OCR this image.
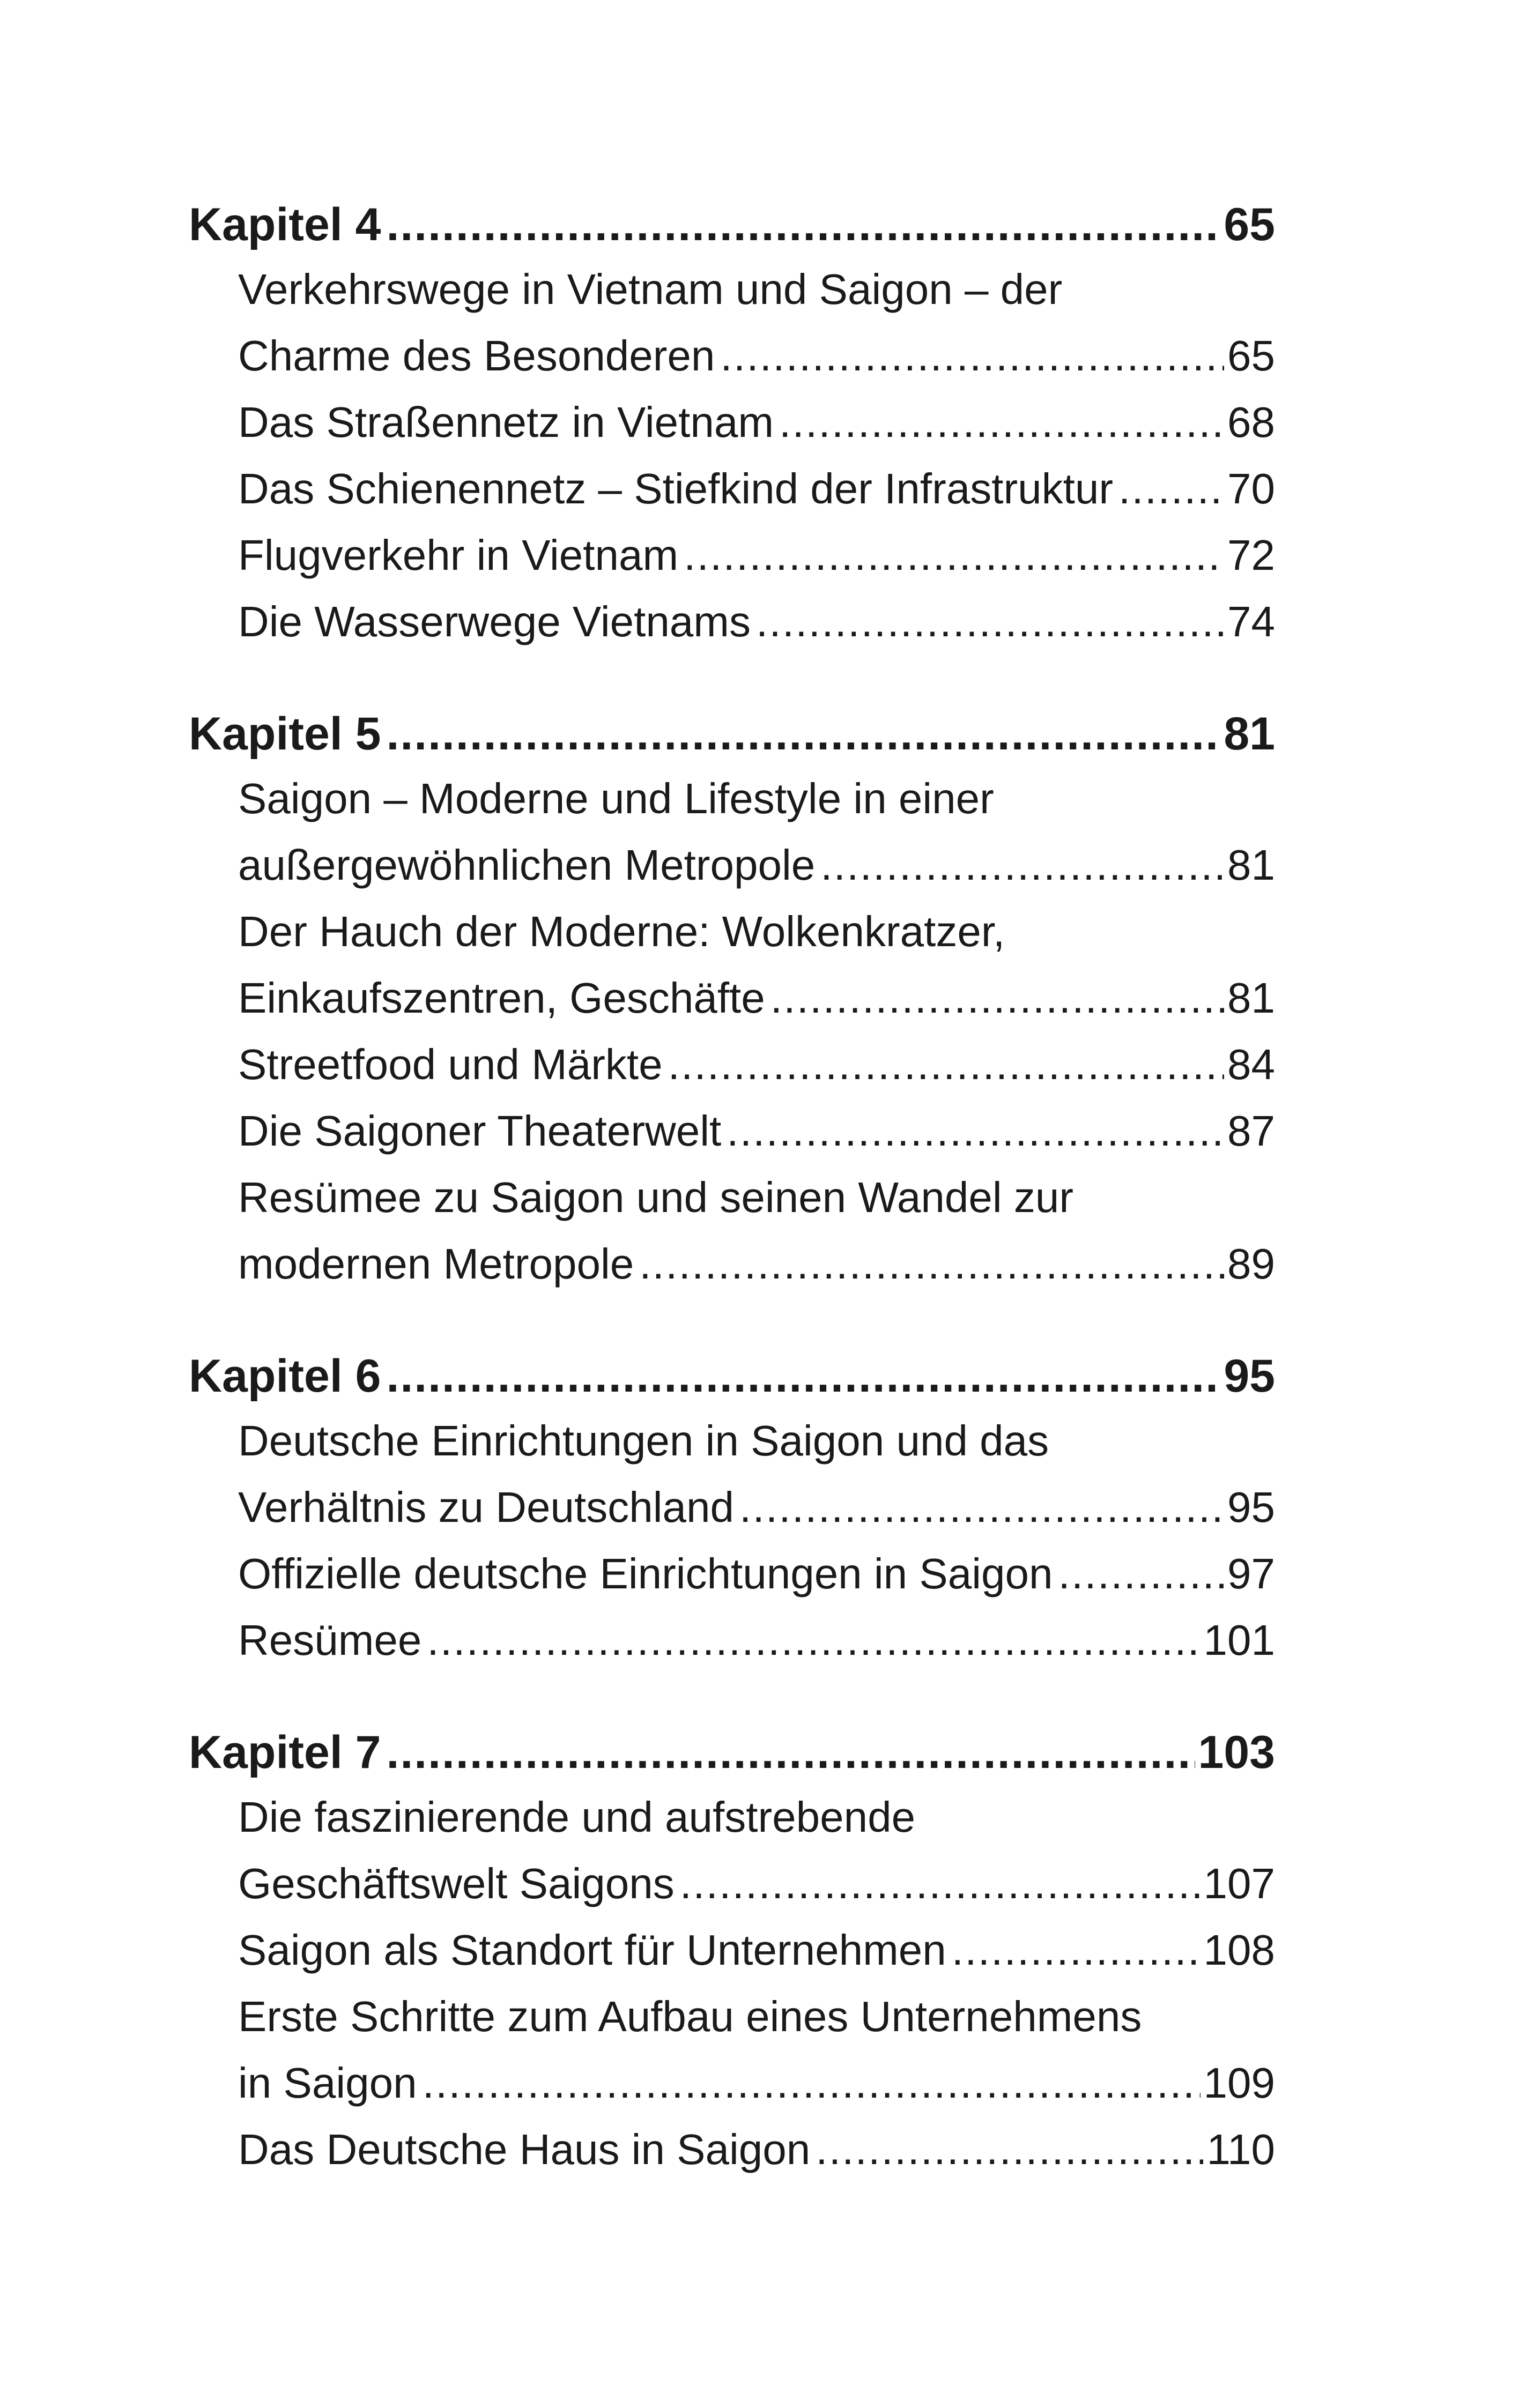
Kapitel 4 .....	65
Verkehrswege in Vietnam und Saigon – der
Charme des Besonderen . . .	65
Das Straßennetz in Vietnam . . .	68
Das Schienennetz – Stiefkind der Infrastruktur . . .	70
Flugverkehr in Vietnam . . .	72
Die Wasserwege Vietnams . . .	74
Kapitel 5 .....	81
Saigon – Moderne und Lifestyle in einer
außergewöhnlichen Metropole . . .	81
Der Hauch der Moderne: Wolkenkratzer,
Einkaufszentren, Geschäfte . . .	81
Streetfood und Märkte . . .	84
Die Saigoner Theaterwelt . . .	87
Resümee zu Saigon und seinen Wandel zur
modernen Metropole . . .	89
Kapitel 6 .....	95
Deutsche Einrichtungen in Saigon und das
Verhältnis zu Deutschland . . .	95
Offizielle deutsche Einrichtungen in Saigon . . .	97
Resümee . . .	101
Kapitel 7 .....	103
Die faszinierende und aufstrebende
Geschäftswelt Saigons . . .	107
Saigon als Standort für Unternehmen . . .	108
Erste Schritte zum Aufbau eines Unternehmens
in Saigon . . .	109
Das Deutsche Haus in Saigon . . .	110
